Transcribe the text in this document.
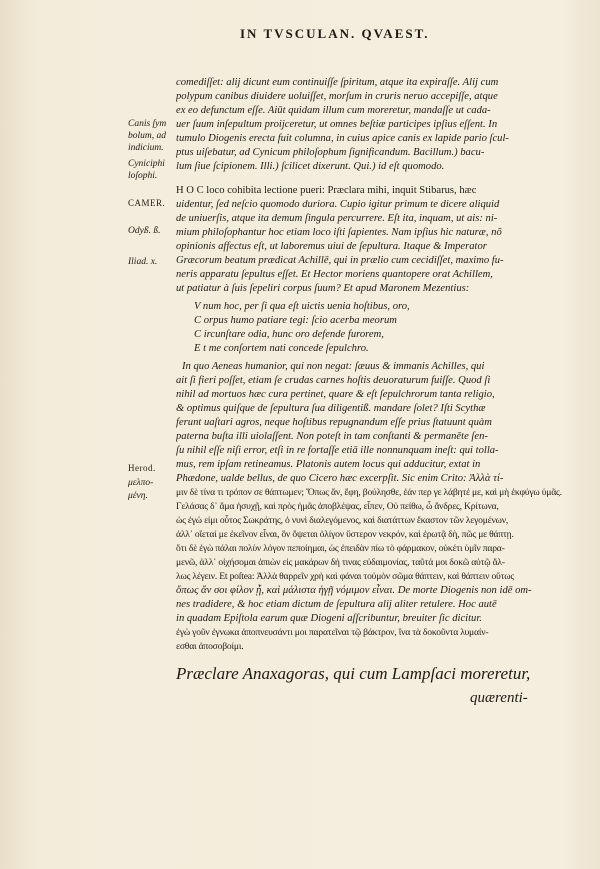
IN TVSCULAN. QVAEST.
Canis ſym bolum, ad indicium.
Cyniciphi loſophi.
CAMER.
Odyß. ß.
Iliad. x.
Herod.
μελπο-
μένη.
comediſſet: alij dicunt eum continuiſſe ſpiritum, atque ita expiraſſe. Alij cum
polypum canibus diuidere uoluiſſet, morſum in cruris neruo accepiſſe, atque
ex eo defunctum eſſe. Aiūt quidam illum cum moreretur, mandaſſe ut cada-
uer ſuum inſepultum proijceretur, ut omnes beſtiæ participes ipſius eſſent. In
tumulo Diogenis erecta fuit columna, in cuius apice canis ex lapide pario ſcul-
ptus uiſebatur, ad Cynicum philoſophum ſignificandum. Bacillum.) bacu-
lum ſiue ſcipionem. Illi.) ſcilicet dixerunt. Qui.) id eſt quomodo.
H O C loco cohibita lectione pueri: Præclara mihi, inquit Stibarus, hæc
uidentur, ſed neſcio quomodo duriora. Cupio igitur primum te dicere aliquid
de uniuerſis, atque ita demum ſingula percurrere. Eſt ita, inquam, ut ais: ni-
mium philoſophantur hoc etiam loco iſti ſapientes. Nam ipſius hic naturæ, nõ
opinionis affectus eſt, ut laboremus uiui de ſepultura. Itaque & Imperator
Græcorum beatum prædicat Achillē, qui in prælio cum cecidiſſet, maximo fu-
neris apparatu ſepultus eſſet. Et Hector moriens quantopere orat Achillem,
ut patiatur à ſuis ſepeliri corpus ſuum? Et apud Maronem Mezentius:
V num hoc, per ſi qua eſt uictis uenia hoſtibus, oro,
C orpus humo patiare tegi: ſcio acerba meorum
C ircunſtare odia, hunc oro defende furorem,
E t me conſortem nati concede ſepulchro.
In quo Aeneas humanior, qui non negat: ſæuus & immanis Achilles, qui
ait ſi fieri poſſet, etiam ſe crudas carnes hoſtis deuoraturum fuiſſe. Quod ſi
nihil ad mortuos hæc cura pertinet, quare & eſt ſepulchrorum tanta religio,
& optimus quiſque de ſepultura ſua diligentiß. mandare ſolet? Iſti Scythæ
ferunt uaſtari agros, neque hoſtibus repugnandum eſſe prius ſtatuunt quàm
paterna buſta illi uiolaſſent. Non poteſt in tam conſtanti & permanēte ſen-
ſu nihil eſſe niſi error, etſi in re fortaſſe etiā ille nonnunquam ineſt: qui tolla-
mus, rem ipſam retineamus. Platonis autem locus qui adducitur, extat in
Phædone, ualde bellus, de quo Cicero hæc excerpſit. Sic enim Crito: Ἀλλὰ τί-
μιν δὲ τίνα τι τρόπον σε θάπτωμεν; Ὅπως ἄν, ἔφη, βούλησθε, ἐάν περ γε λάβητέ με, καὶ μὴ ἐκφύγω ὑμᾶς.
Γελάσας δ᾽ ἅμα ἡσυχῇ, καὶ πρὸς ἡμᾶς ἀποβλέψας, εἶπεν, Οὐ πείθω, ὦ ἄνδρες, Κρίτωνα,
ὡς ἐγώ εἰμι οὗτος Σωκράτης, ὁ νυνὶ διαλεγόμενος, καὶ διατάττων ἕκαστον τῶν λεγομένων,
ἀλλ᾽ οἴεταί με ἐκεῖνον εἶναι, ὃν ὄψεται ὀλίγον ὕστερον νεκρόν, καὶ ἐρωτᾷ δὴ, πῶς με θάπτῃ.
ὅτι δὲ ἐγὼ πάλαι πολὺν λόγον πεποίημαι, ὡς ἐπειδὰν πίω τὸ φάρμακον, οὐκέτι ὑμῖν παρα-
μενῶ, ἀλλ᾽ οἰχήσομαι ἀπιὼν εἰς μακάρων δή τινας εὐδαιμονίας, ταῦτά μοι δοκῶ αὐτῷ ἄλ-
λως λέγειν. Et poſtea: Ἀλλὰ θαρρεῖν χρὴ καὶ φάναι τοὐμὸν σῶμα θάπτειν, καὶ θάπτειν οὕτως
ὅπως ἄν σοι φίλον ᾖ, καὶ μάλιστα ἡγῇ νόμιμον εἶναι. De morte Diogenis non idē om-
nes tradidere, & hoc etiam dictum de ſepultura alij aliter retulere. Hoc autē
in quadam Epiſtola earum quæ Diogeni aſſcribuntur, breuiter ſic dicitur.
ἐγὼ γοῦν ἐγνωκα ἀποπνευσάντι μοι παρατεῖναι τῷ βάκτρον, ἵνα τὰ δοκοῦντα λυμαίν-
εσθαι ἀποσοβοίμι.
Præclare Anaxagoras, qui cum Lampſaci moreretur,
quærenti-
